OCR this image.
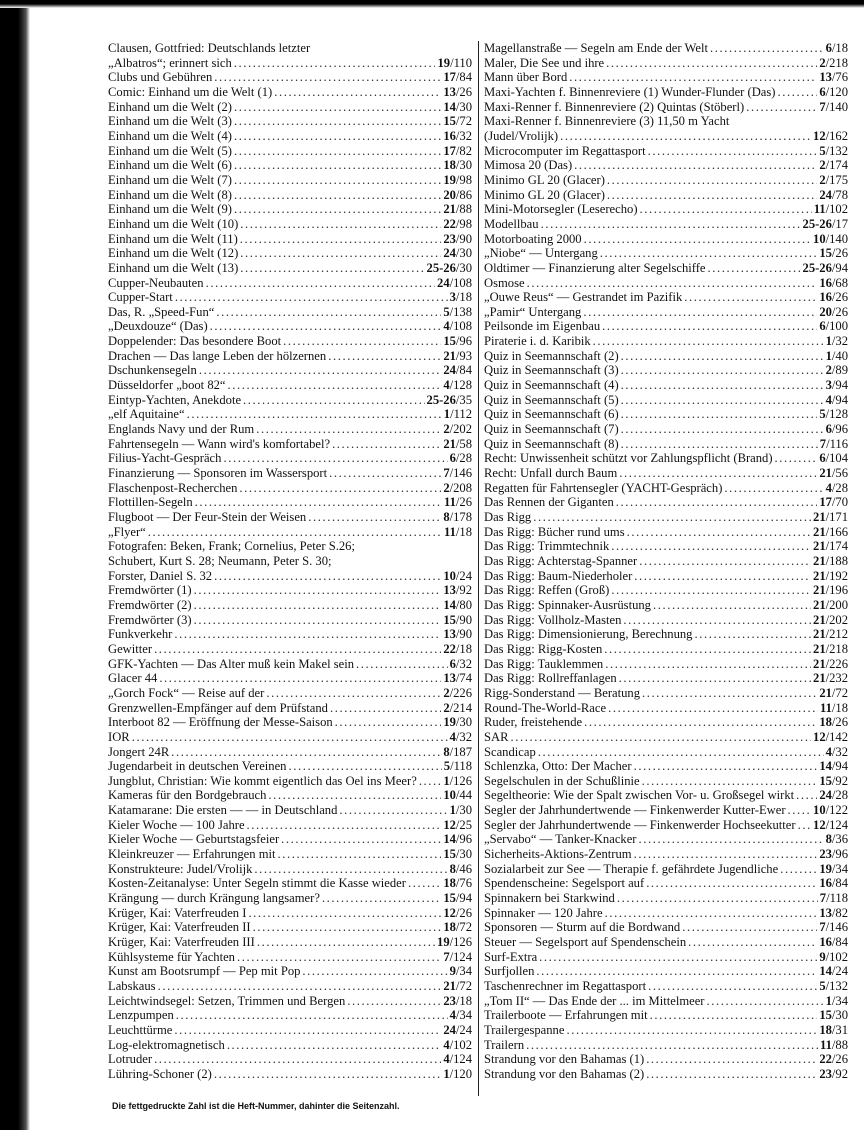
Clausen, Gottfried: Deutschlands letzter
„Albatros“; erinnert sich .....	19/110
Clubs und Gebühren .....	17/84
Comic: Einhand um die Welt (1) .....	13/26
Einhand um die Welt (2) .....	14/30
Einhand um die Welt (3) .....	15/72
Einhand um die Welt (4) .....	16/32
Einhand um die Welt (5) .....	17/82
Einhand um die Welt (6) .....	18/30
Einhand um die Welt (7) .....	19/98
Einhand um die Welt (8) .....	20/86
Einhand um die Welt (9) .....	21/88
Einhand um die Welt (10) .....	22/98
Einhand um die Welt (11) .....	23/90
Einhand um die Welt (12) .....	24/30
Einhand um die Welt (13) .....	25-26/30
Cupper-Neubauten .....	24/108
Cupper-Start .....	3/18
Das, R. „Speed-Fun“ .....	5/138
„Deuxdouze“ (Das) .....	4/108
Doppelender: Das besondere Boot .....	15/96
Drachen — Das lange Leben der hölzernen .....	21/93
Dschunkensegeln .....	24/84
Düsseldorfer „boot 82“ .....	4/128
Eintyp-Yachten, Anekdote .....	25-26/35
„elf Aquitaine“ .....	1/112
Englands Navy und der Rum .....	2/202
Fahrtensegeln — Wann wird's komfortabel? .....	21/58
Filius-Yacht-Gespräch .....	6/28
Finanzierung — Sponsoren im Wassersport .....	7/146
Flaschenpost-Recherchen .....	2/208
Flottillen-Segeln .....	11/26
Flugboot — Der Feur-Stein der Weisen .....	8/178
„Flyer“ .....	11/18
Fotografen: Beken, Frank; Cornelius, Peter S.26;
Schubert, Kurt S. 28; Neumann, Peter S. 30;
Forster, Daniel S. 32 .....	10/24
Fremdwörter (1) .....	13/92
Fremdwörter (2) .....	14/80
Fremdwörter (3) .....	15/90
Funkverkehr .....	13/90
Gewitter .....	22/18
GFK-Yachten — Das Alter muß kein Makel sein .....	6/32
Glacer 44 .....	13/74
„Gorch Fock“ — Reise auf der .....	2/226
Grenzwellen-Empfänger auf dem Prüfstand .....	2/214
Interboot 82 — Eröffnung der Messe-Saison .....	19/30
IOR .....	4/32
Jongert 24R .....	8/187
Jugendarbeit in deutschen Vereinen .....	5/118
Jungblut, Christian: Wie kommt eigentlich das Oel ins Meer? ..... 1/126
Kameras für den Bordgebrauch .....	10/44
Katamarane: Die ersten — — in Deutschland .....	1/30
Kieler Woche — 100 Jahre .....	12/25
Kieler Woche — Geburtstagsfeier .....	14/96
Kleinkreuzer — Erfahrungen mit .....	15/30
Konstrukteure: Judel/Vrolijk .....	8/46
Kosten-Zeitanalyse: Unter Segeln stimmt die Kasse wieder .....	18/76
Krängung — durch Krängung langsamer? .....	15/94
Krüger, Kai: Vaterfreuden I .....	12/26
Krüger, Kai: Vaterfreuden II .....	18/72
Krüger, Kai: Vaterfreuden III .....	19/126
Kühlsysteme für Yachten .....	7/124
Kunst am Bootsrumpf — Pep mit Pop .....	9/34
Labskaus .....	21/72
Leichtwindsegel: Setzen, Trimmen und Bergen .....	23/18
Lenzpumpen .....	4/34
Leuchttürme .....	24/24
Log-elektromagnetisch .....	4/102
Lotruder .....	4/124
Lühring-Schoner (2) .....	1/120
Magellanstraße — Segeln am Ende der Welt .....	6/18
Maler, Die See und ihre .....	2/218
Mann über Bord .....	13/76
Maxi-Yachten f. Binnenreviere (1) Wunder-Flunder (Das) .....	6/120
Maxi-Renner f. Binnenreviere (2) Quintas (Stöberl) .....	7/140
Maxi-Renner f. Binnenreviere (3) 11,50 m Yacht
(Judel/Vrolijk) .....	12/162
Microcomputer im Regattasport .....	5/132
Mimosa 20 (Das) .....	2/174
Minimo GL 20 (Glacer) .....	2/175
Minimo GL 20 (Glacer) .....	24/78
Mini-Motorsegler (Leserecho) .....	11/102
Modellbau .....	25-26/17
Motorboating 2000 .....	10/140
„Niobe“ — Untergang .....	15/26
Oldtimer — Finanzierung alter Segelschiffe .....	25-26/94
Osmose .....	16/68
„Ouwe Reus“ — Gestrandet im Pazifik .....	16/26
„Pamir“ Untergang .....	20/26
Peilsonde im Eigenbau .....	6/100
Piraterie i. d. Karibik .....	1/32
Quiz in Seemannschaft (2) .....	1/40
Quiz in Seemannschaft (3) .....	2/89
Quiz in Seemannschaft (4) .....	3/94
Quiz in Seemannschaft (5) .....	4/94
Quiz in Seemannschaft (6) .....	5/128
Quiz in Seemannschaft (7) .....	6/96
Quiz in Seemannschaft (8) .....	7/116
Recht: Unwissenheit schützt vor Zahlungspflicht (Brand) .....	6/104
Recht: Unfall durch Baum .....	21/56
Regatten für Fahrtensegler (YACHT-Gespräch) .....	4/28
Das Rennen der Giganten .....	17/70
Das Rigg .....	21/171
Das Rigg: Bücher rund ums .....	21/166
Das Rigg: Trimmtechnik .....	21/174
Das Rigg: Achterstag-Spanner .....	21/188
Das Rigg: Baum-Niederholer .....	21/192
Das Rigg: Reffen (Groß) .....	21/196
Das Rigg: Spinnaker-Ausrüstung .....	21/200
Das Rigg: Vollholz-Masten .....	21/202
Das Rigg: Dimensionierung, Berechnung .....	21/212
Das Rigg: Rigg-Kosten .....	21/218
Das Rigg: Tauklemmen .....	21/226
Das Rigg: Rollreffanlagen .....	21/232
Rigg-Sonderstand — Beratung .....	21/72
Round-The-World-Race .....	11/18
Ruder, freistehende .....	18/26
SAR .....	12/142
Scandicap .....	4/32
Schlenzka, Otto: Der Macher .....	14/94
Segelschulen in der Schußlinie .....	15/92
Segeltheorie: Wie der Spalt zwischen Vor- u. Großsegel wirkt ..... 24/28
Segler der Jahrhundertwende — Finkenwerder Kutter-Ewer ..... 10/122
Segler der Jahrhundertwende — Finkenwerder Hochseekutter ..... 12/124
„Servabo“ — Tanker-Knacker .....	8/36
Sicherheits-Aktions-Zentrum .....	23/96
Sozialarbeit zur See — Therapie f. gefährdete Jugendliche .....	19/34
Spendenscheine: Segelsport auf .....	16/84
Spinnakern bei Starkwind .....	7/118
Spinnaker — 120 Jahre .....	13/82
Sponsoren — Sturm auf die Bordwand .....	7/146
Steuer — Segelsport auf Spendenschein .....	16/84
Surf-Extra .....	9/102
Surfjollen .....	14/24
Taschenrechner im Regattasport .....	5/132
„Tom II“ — Das Ende der ... im Mittelmeer .....	1/34
Trailerboote — Erfahrungen mit .....	15/30
Trailergespanne .....	18/31
Trailern .....	11/88
Strandung vor den Bahamas (1) .....	22/26
Strandung vor den Bahamas (2) .....	23/92
Die fettgedruckte Zahl ist die Heft-Nummer, dahinter die Seitenzahl.
